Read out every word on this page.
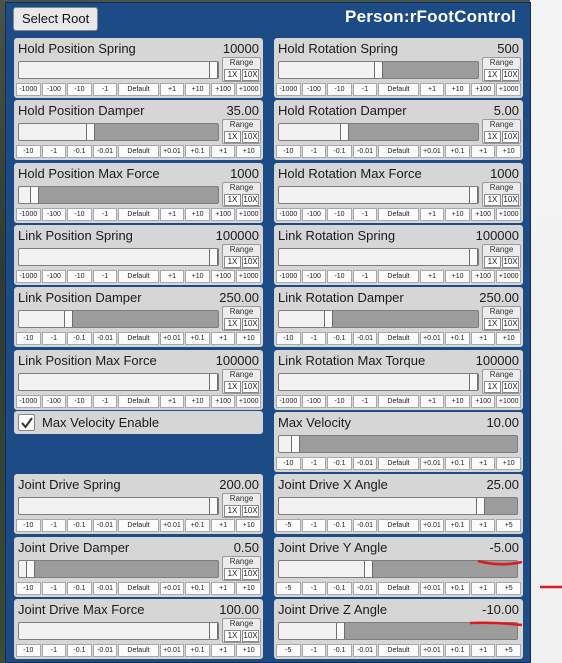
Select Root	Person:rFootControl
Hold Position Spring	10000
Range
1X 10X
-1000	-100	-10	-1	Default	+1	+10	+100	+1000
Hold Rotation Spring	500
Range
1X 10X
-1000	-100	-10	-1	Default	+1	+10	+100	+1000
Hold Position Damper	35.00
Range
1X 10X
-10	-1	-0.1	-0.01	Default	+0.01	+0.1	+1	+10
Hold Rotation Damper	5.00
Range
1X 10X
-10	-1	-0.1	-0.01	Default	+0.01	+0.1	+1	+10
Hold Position Max Force	1000
Range
1X 10X
-1000	-100	-10	-1	Default	+1	+10	+100	+1000
Hold Rotation Max Force	1000
Range
1X 10X
-1000	-100	-10	-1	Default	+1	+10	+100	+1000
Link Position Spring	100000
Range
1X 10X
-1000	-100	-10	-1	Default	+1	+10	+100	+1000
Link Rotation Spring	100000
Range
1X 10X
-1000	-100	-10	-1	Default	+1	+10	+100	+1000
Link Position Damper	250.00
Range
1X 10X
-10	-1	-0.1	-0.01	Default	+0.01	+0.1	+1	+10
Link Rotation Damper	250.00
Range
1X 10X
-10	-1	-0.1	-0.01	Default	+0.01	+0.1	+1	+10
Link Position Max Force	100000
Range
1X 10X
-1000	-100	-10	-1	Default	+1	+10	+100	+1000
Link Rotation Max Torque	100000
Range
1X 10X
-1000	-100	-10	-1	Default	+1	+10	+100	+1000
Max Velocity	10.00
-10	-1	-0.1	-0.01	Default	+0.01	+0.1	+1	+10
Joint Drive Spring	200.00
Range
1X 10X
-10	-1	-0.1	-0.01	Default	+0.01	+0.1	+1	+10
Joint Drive X Angle	25.00
-5	-1	-0.1	-0.01	Default	+0.01	+0.1	+1	+5
Joint Drive Damper	0.50
Range
1X 10X
-10	-1	-0.1	-0.01	Default	+0.01	+0.1	+1	+10
Joint Drive Y Angle	-5.00
-5	-1	-0.1	-0.01	Default	+0.01	+0.1	+1	+5
Joint Drive Max Force	100.00
Range
1X 10X
-10	-1	-0.1	-0.01	Default	+0.01	+0.1	+1	+10
Joint Drive Z Angle	-10.00
-5	-1	-0.1	-0.01	Default	+0.01	+0.1	+1	+5
Max Velocity Enable
